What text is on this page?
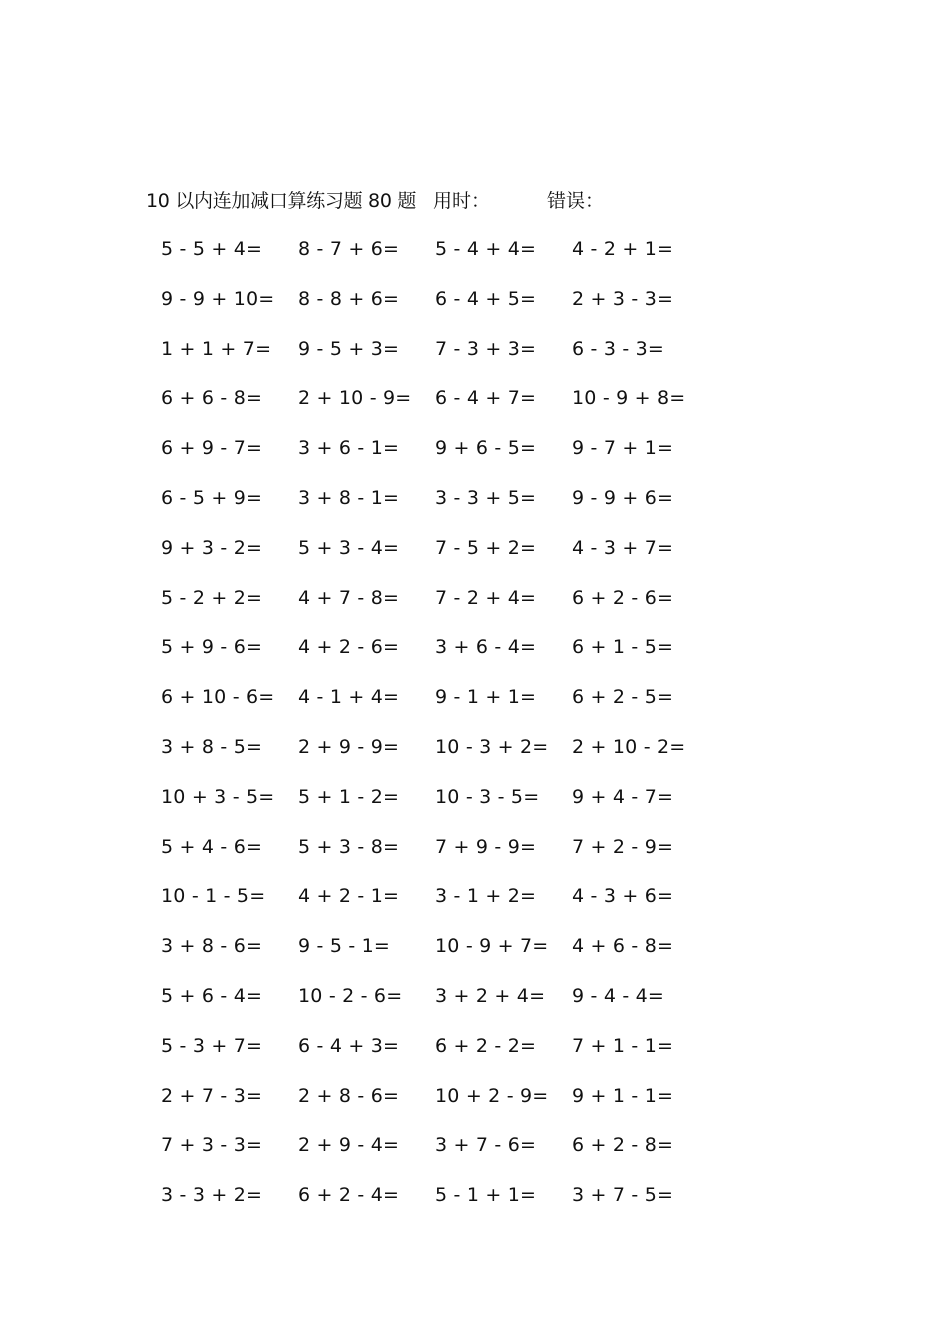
10 以内连加减口算练习题 80 题 用时：	错误：
5 - 5 + 4= 8 - 7 + 6= 5 - 4 + 4= 4 - 2 + 1=
9 - 9 + 10= 8 - 8 + 6= 6 - 4 + 5= 2 + 3 - 3=
1 + 1 + 7= 9 - 5 + 3= 7 - 3 + 3= 6 - 3 - 3=
6 + 6 - 8= 2 + 10 - 9= 6 - 4 + 7= 10 - 9 + 8=
6 + 9 - 7= 3 + 6 - 1= 9 + 6 - 5= 9 - 7 + 1=
6 - 5 + 9= 3 + 8 - 1= 3 - 3 + 5= 9 - 9 + 6=
9 + 3 - 2= 5 + 3 - 4= 7 - 5 + 2= 4 - 3 + 7=
5 - 2 + 2= 4 + 7 - 8= 7 - 2 + 4= 6 + 2 - 6=
5 + 9 - 6= 4 + 2 - 6= 3 + 6 - 4= 6 + 1 - 5=
6 + 10 - 6= 4 - 1 + 4= 9 - 1 + 1= 6 + 2 - 5=
3 + 8 - 5= 2 + 9 - 9= 10 - 3 + 2= 2 + 10 - 2=
10 + 3 - 5= 5 + 1 - 2= 10 - 3 - 5= 9 + 4 - 7=
5 + 4 - 6= 5 + 3 - 8= 7 + 9 - 9= 7 + 2 - 9=
10 - 1 - 5= 4 + 2 - 1= 3 - 1 + 2= 4 - 3 + 6=
3 + 8 - 6= 9 - 5 - 1= 10 - 9 + 7= 4 + 6 - 8=
5 + 6 - 4= 10 - 2 - 6= 3 + 2 + 4= 9 - 4 - 4=
5 - 3 + 7= 6 - 4 + 3= 6 + 2 - 2= 7 + 1 - 1=
2 + 7 - 3= 2 + 8 - 6= 10 + 2 - 9= 9 + 1 - 1=
7 + 3 - 3= 2 + 9 - 4= 3 + 7 - 6= 6 + 2 - 8=
3 - 3 + 2= 6 + 2 - 4= 5 - 1 + 1= 3 + 7 - 5=
